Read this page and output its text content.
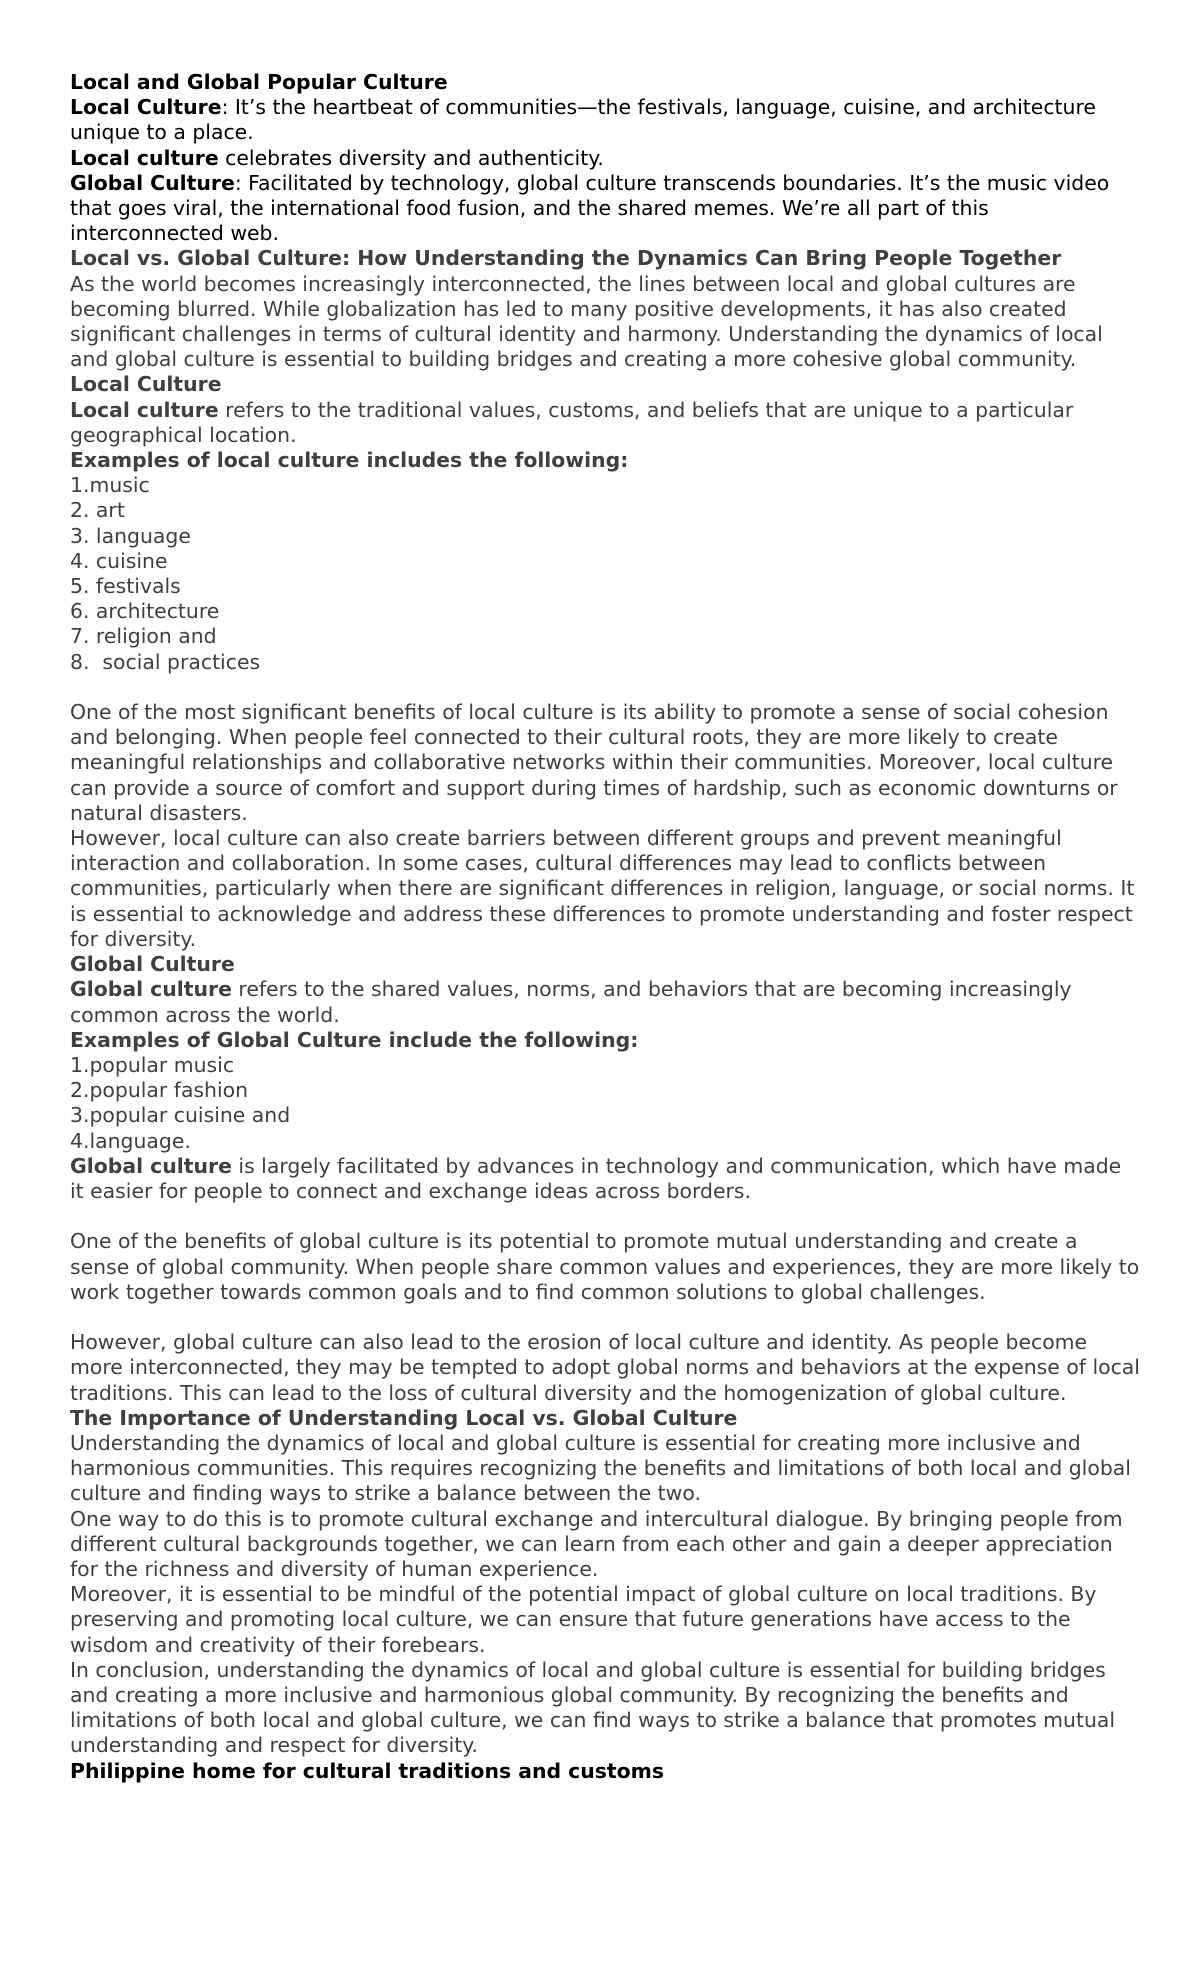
Local and Global Popular Culture

Local Culture: It’s the heartbeat of communities—the festivals, language, cuisine, and architecture unique to a place.

Local culture celebrates diversity and authenticity.

Global Culture: Facilitated by technology, global culture transcends boundaries. It’s the music video that goes viral, the international food fusion, and the shared memes. We’re all part of this interconnected web.

Local vs. Global Culture: How Understanding the Dynamics Can Bring People Together

As the world becomes increasingly interconnected, the lines between local and global cultures are becoming blurred. While globalization has led to many positive developments, it has also created significant challenges in terms of cultural identity and harmony. Understanding the dynamics of local and global culture is essential to building bridges and creating a more cohesive global community.

Local Culture

Local culture refers to the traditional values, customs, and beliefs that are unique to a particular geographical location.

Examples of local culture includes the following:

1.music

2. art

3. language

4. cuisine

5. festivals

6. architecture

7. religion and

8.  social practices

One of the most significant benefits of local culture is its ability to promote a sense of social cohesion and belonging. When people feel connected to their cultural roots, they are more likely to create meaningful relationships and collaborative networks within their communities. Moreover, local culture can provide a source of comfort and support during times of hardship, such as economic downturns or natural disasters.

However, local culture can also create barriers between different groups and prevent meaningful interaction and collaboration. In some cases, cultural differences may lead to conflicts between communities, particularly when there are significant differences in religion, language, or social norms. It is essential to acknowledge and address these differences to promote understanding and foster respect for diversity.

Global Culture

Global culture refers to the shared values, norms, and behaviors that are becoming increasingly common across the world.

Examples of Global Culture include the following:

1.popular music

2.popular fashion

3.popular cuisine and

4.language.

Global culture is largely facilitated by advances in technology and communication, which have made it easier for people to connect and exchange ideas across borders.

One of the benefits of global culture is its potential to promote mutual understanding and create a sense of global community. When people share common values and experiences, they are more likely to work together towards common goals and to find common solutions to global challenges.

However, global culture can also lead to the erosion of local culture and identity. As people become more interconnected, they may be tempted to adopt global norms and behaviors at the expense of local traditions. This can lead to the loss of cultural diversity and the homogenization of global culture.

The Importance of Understanding Local vs. Global Culture

Understanding the dynamics of local and global culture is essential for creating more inclusive and harmonious communities. This requires recognizing the benefits and limitations of both local and global culture and finding ways to strike a balance between the two.

One way to do this is to promote cultural exchange and intercultural dialogue. By bringing people from different cultural backgrounds together, we can learn from each other and gain a deeper appreciation for the richness and diversity of human experience.

Moreover, it is essential to be mindful of the potential impact of global culture on local traditions. By preserving and promoting local culture, we can ensure that future generations have access to the wisdom and creativity of their forebears.

In conclusion, understanding the dynamics of local and global culture is essential for building bridges and creating a more inclusive and harmonious global community. By recognizing the benefits and limitations of both local and global culture, we can find ways to strike a balance that promotes mutual understanding and respect for diversity.

Philippine home for cultural traditions and customs
